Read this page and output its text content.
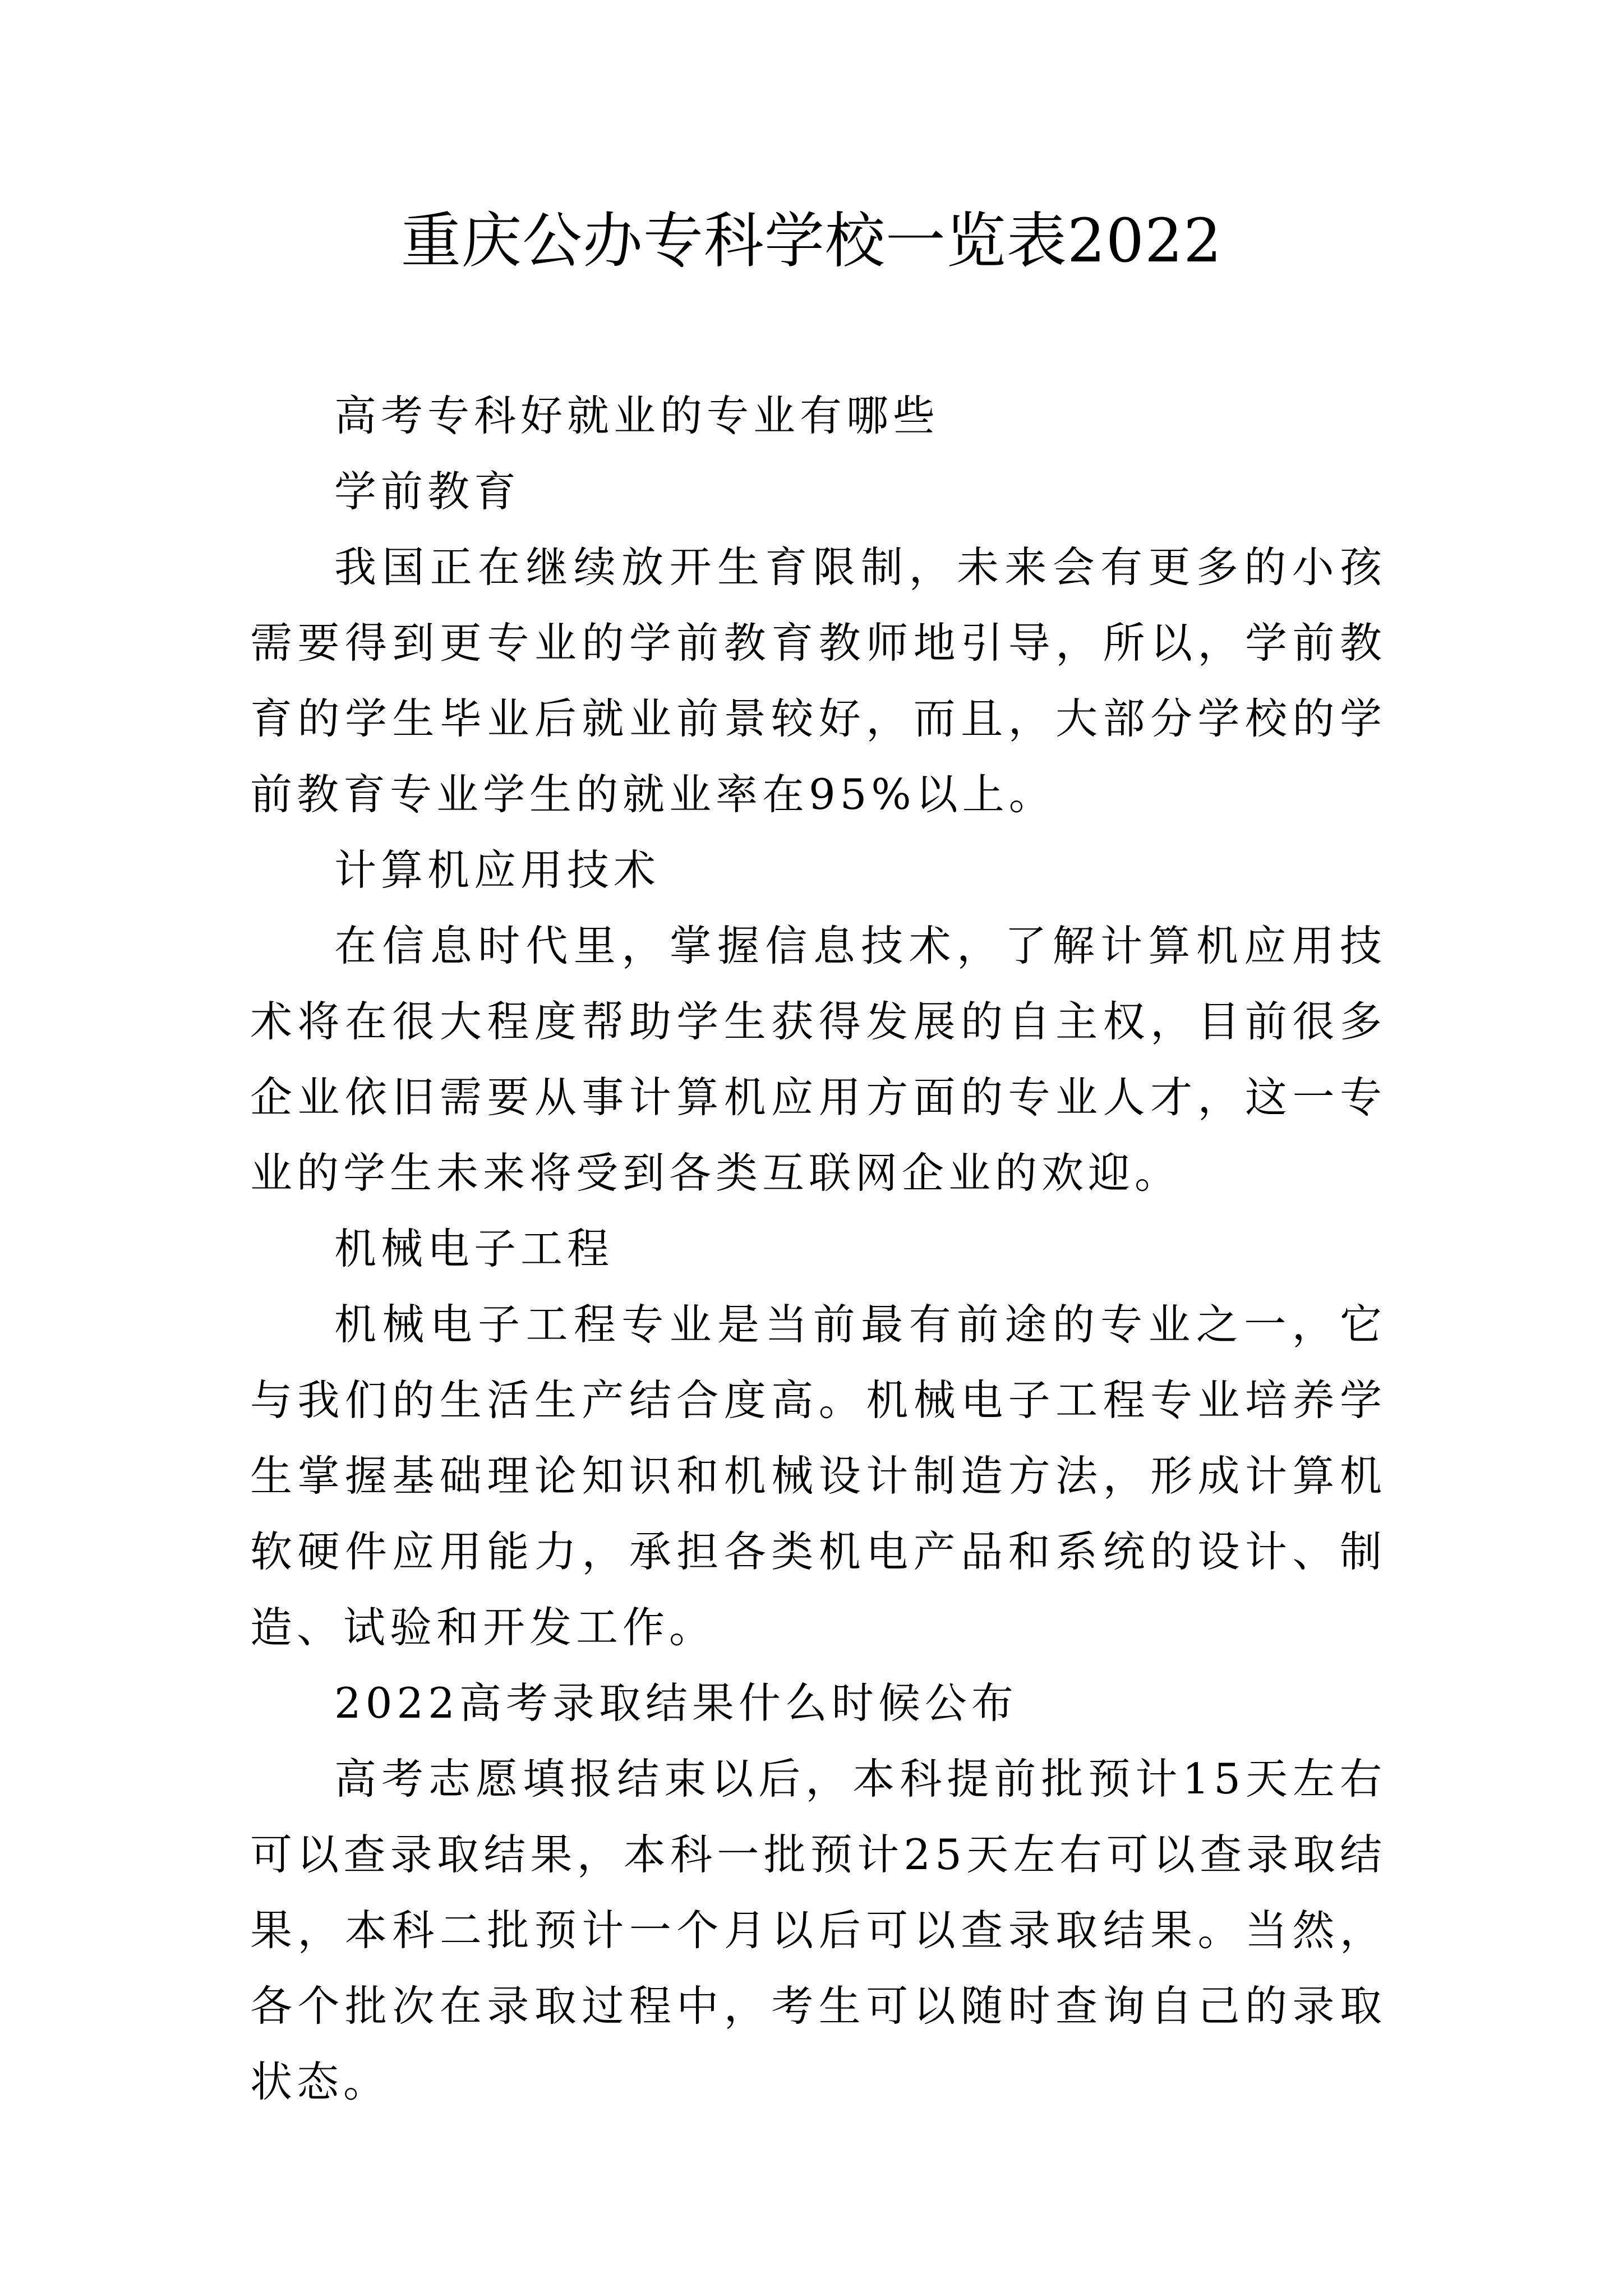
重庆公办专科学校一览表2022

高考专科好就业的专业有哪些

学前教育

我国正在继续放开生育限制，未来会有更多的小孩需要得到更专业的学前教育教师地引导，所以，学前教育的学生毕业后就业前景较好，而且，大部分学校的学前教育专业学生的就业率在95%以上。

计算机应用技术

在信息时代里，掌握信息技术，了解计算机应用技术将在很大程度帮助学生获得发展的自主权，目前很多企业依旧需要从事计算机应用方面的专业人才，这一专业的学生未来将受到各类互联网企业的欢迎。

机械电子工程

机械电子工程专业是当前最有前途的专业之一，它与我们的生活生产结合度高。机械电子工程专业培养学生掌握基础理论知识和机械设计制造方法，形成计算机软硬件应用能力，承担各类机电产品和系统的设计、制造、试验和开发工作。

2022高考录取结果什么时候公布

高考志愿填报结束以后，本科提前批预计15天左右可以查录取结果，本科一批预计25天左右可以查录取结果，本科二批预计一个月以后可以查录取结果。当然，各个批次在录取过程中，考生可以随时查询自己的录取状态。
